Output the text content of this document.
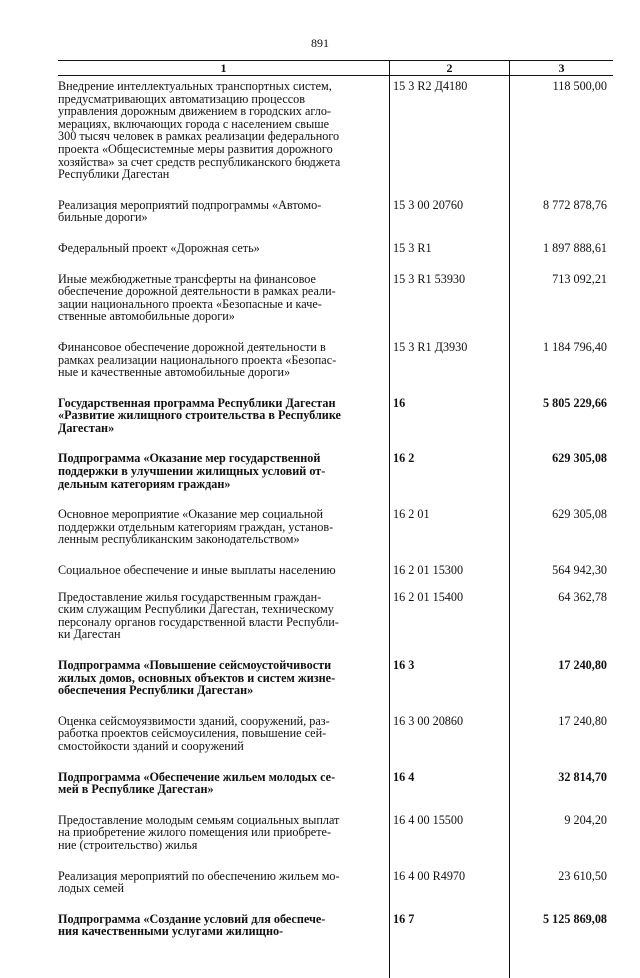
891
1	2	3
Внедрение интеллектуальных транспортных систем,
предусматривающих автоматизацию процессов
управления дорожным движением в городских агло-
мерациях, включающих города с населением свыше
300 тысяч человек в рамках реализации федерального
проекта «Общесистемные меры развития дорожного
хозяйства» за счет средств республиканского бюджета
Республики Дагестан
15 3 R2 Д4180	118 500,00
Реализация мероприятий подпрограммы «Автомо-
бильные дороги»
15 3 00 20760	8 772 878,76
Федеральный проект «Дорожная сеть»	15 3 R1	1 897 888,61
Иные межбюджетные трансферты на финансовое
обеспечение дорожной деятельности в рамках реали-
зации национального проекта «Безопасные и каче-
ственные автомобильные дороги»
15 3 R1 53930	713 092,21
Финансовое обеспечение дорожной деятельности в
рамках реализации национального проекта «Безопас-
ные и качественные автомобильные дороги»
15 3 R1 Д3930	1 184 796,40
Государственная программа Республики Дагестан
«Развитие жилищного строительства в Республике
Дагестан»
16	5 805 229,66
Подпрограмма «Оказание мер государственной
поддержки в улучшении жилищных условий от-
дельным категориям граждан»
16 2	629 305,08
Основное мероприятие «Оказание мер социальной
поддержки отдельным категориям граждан, установ-
ленным республиканским законодательством»
16 2 01	629 305,08
Социальное обеспечение и иные выплаты населению	16 2 01 15300	564 942,30
Предоставление жилья государственным граждан-
ским служащим Республики Дагестан, техническому
персоналу органов государственной власти Республи-
ки Дагестан
16 2 01 15400	64 362,78
Подпрограмма «Повышение сейсмоустойчивости
жилых домов, основных объектов и систем жизне-
обеспечения Республики Дагестан»
16 3	17 240,80
Оценка сейсмоуязвимости зданий, сооружений, раз-
работка проектов сейсмоусиления, повышение сей-
смостойкости зданий и сооружений
16 3 00 20860	17 240,80
Подпрограмма «Обеспечение жильем молодых се-
мей в Республике Дагестан»
16 4	32 814,70
Предоставление молодым семьям социальных выплат
на приобретение жилого помещения или приобрете-
ние (строительство) жилья
16 4 00 15500	9 204,20
Реализация мероприятий по обеспечению жильем мо-
лодых семей
16 4 00 R4970	23 610,50
Подпрограмма «Создание условий для обеспече-
ния качественными услугами жилищно-
16 7	5 125 869,08
